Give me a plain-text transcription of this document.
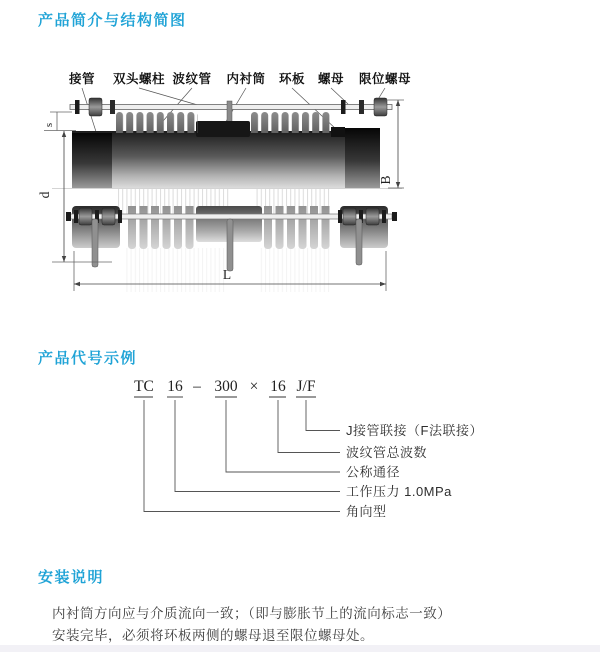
产品简介与结构简图
产品代号示例
安装说明
内衬筒方向应与介质流向一致；（即与膨胀节上的流向标志一致）
安装完毕，必须将环板两侧的螺母退至限位螺母处。
接管 双头螺柱 波纹管 内衬筒 环板 螺母 限位螺母
s
d
B
L
TC 16 – 300 × 16 J/F
J接管联接（F法联接）
波纹管总波数
公称通径
工作压力 1.0MPa
角向型
